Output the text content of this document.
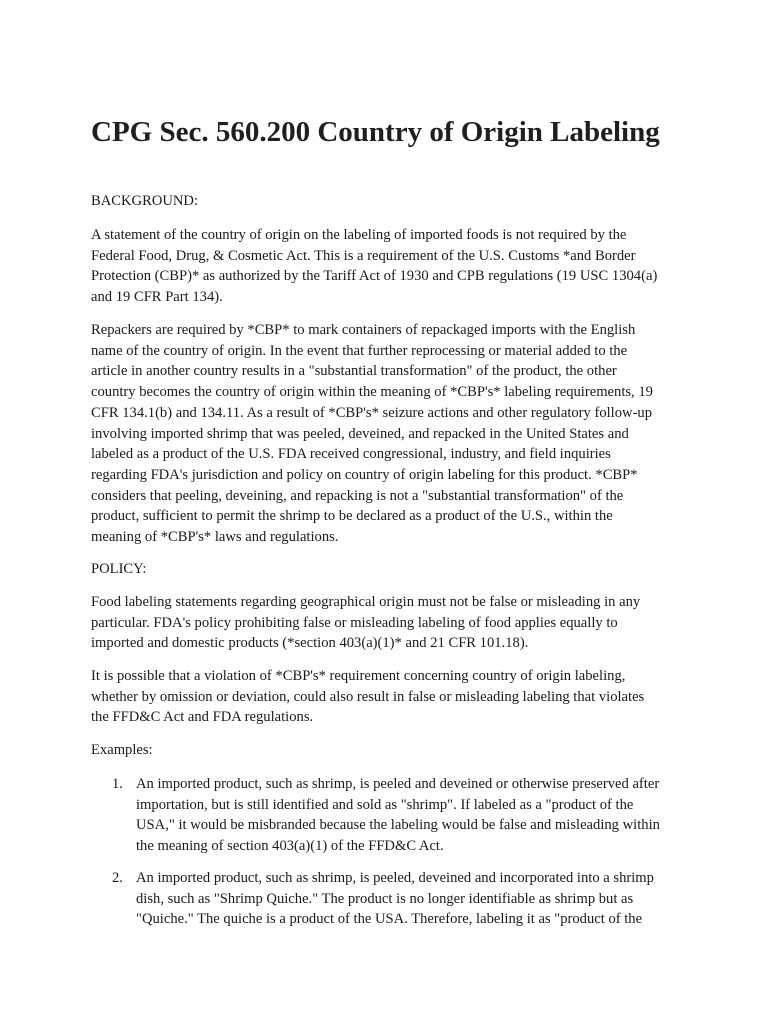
CPG Sec. 560.200 Country of Origin Labeling

BACKGROUND:

A statement of the country of origin on the labeling of imported foods is not required by the
Federal Food, Drug, & Cosmetic Act. This is a requirement of the U.S. Customs *and Border
Protection (CBP)* as authorized by the Tariff Act of 1930 and CPB regulations (19 USC 1304(a)
and 19 CFR Part 134).

Repackers are required by *CBP* to mark containers of repackaged imports with the English
name of the country of origin. In the event that further reprocessing or material added to the
article in another country results in a "substantial transformation" of the product, the other
country becomes the country of origin within the meaning of *CBP's* labeling requirements, 19
CFR 134.1(b) and 134.11. As a result of *CBP's* seizure actions and other regulatory follow-up
involving imported shrimp that was peeled, deveined, and repacked in the United States and
labeled as a product of the U.S. FDA received congressional, industry, and field inquiries
regarding FDA's jurisdiction and policy on country of origin labeling for this product. *CBP*
considers that peeling, deveining, and repacking is not a "substantial transformation" of the
product, sufficient to permit the shrimp to be declared as a product of the U.S., within the
meaning of *CBP's* laws and regulations.

POLICY:

Food labeling statements regarding geographical origin must not be false or misleading in any
particular. FDA's policy prohibiting false or misleading labeling of food applies equally to
imported and domestic products (*section 403(a)(1)* and 21 CFR 101.18).

It is possible that a violation of *CBP's* requirement concerning country of origin labeling,
whether by omission or deviation, could also result in false or misleading labeling that violates
the FFD&C Act and FDA regulations.

Examples:

1. An imported product, such as shrimp, is peeled and deveined or otherwise preserved after
importation, but is still identified and sold as "shrimp". If labeled as a "product of the
USA," it would be misbranded because the labeling would be false and misleading within
the meaning of section 403(a)(1) of the FFD&C Act.
2. An imported product, such as shrimp, is peeled, deveined and incorporated into a shrimp
dish, such as "Shrimp Quiche." The product is no longer identifiable as shrimp but as
"Quiche." The quiche is a product of the USA. Therefore, labeling it as "product of the
